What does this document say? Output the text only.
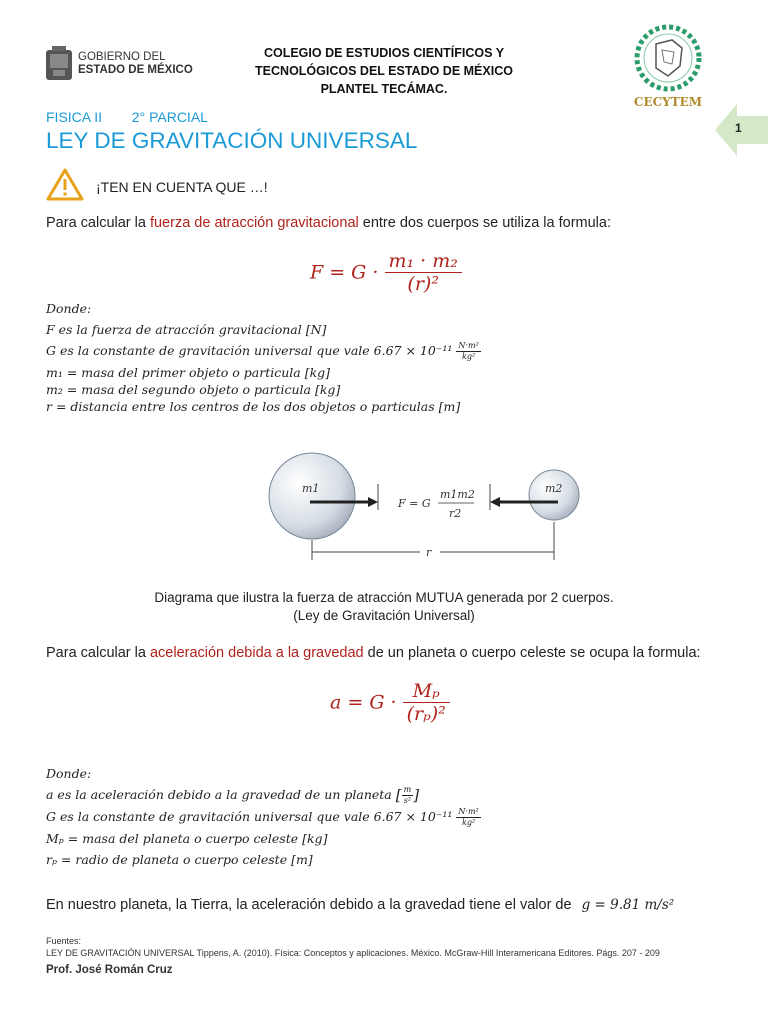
GOBIERNO DEL
ESTADO DE MÉXICO
COLEGIO DE ESTUDIOS CIENTÍFICOS Y
TECNOLÓGICOS DEL ESTADO DE MÉXICO
PLANTEL TECÁMAC.
CECYTEM
1
FISICA II 2° PARCIAL
LEY DE GRAVITACIÓN UNIVERSAL
¡TEN EN CUENTA QUE …!
Para calcular la fuerza de atracción gravitacional entre dos cuerpos se utiliza la formula:
$F = G \cdot \frac{\text{m₁ · m₂}}{\text{(r)²}}$
Donde:
F es la fuerza de atracción gravitacional [N]
G es la constante de gravitación universal que vale $6.67 \times 10^{-11} \frac{\text{N·m²}}{\text{kg²}}$
m₁ = masa del primer objeto o particula [kg]
m₂ = masa del segundo objeto o particula [kg]
r = distancia entre los centros de los dos objetos o particulas [m]
m1	m2
F = G
m1m2
r2
r
Diagrama que ilustra la fuerza de atracción MUTUA generada por 2 cuerpos.
(Ley de Gravitación Universal)
Para calcular la aceleración debida a la gravedad de un planeta o cuerpo celeste se ocupa la formula:
$a = G \cdot \frac{\text{Mₚ}}{\text{(rₚ)²}}$
Donde:
a es la aceleración debido a la gravedad de un planeta [ $\frac{m}{\text{s²}}$]
G es la constante de gravitación universal que vale $6.67 \times 10^{-11} \frac{\text{N·m²}}{\text{kg²}}$
Mₚ = masa del planeta o cuerpo celeste [kg]
rₚ = radio de planeta o cuerpo celeste [m]
En nuestro planeta, la Tierra, la aceleración debido a la gravedad tiene el valor de g = 9.81 m/s²
Fuentes:
LEY DE GRAVITACIÓN UNIVERSAL Tippens, A. (2010). Física: Conceptos y aplicaciones. México. McGraw-Hill Interamericana Editores. Págs. 207 - 209
Prof. José Román Cruz
